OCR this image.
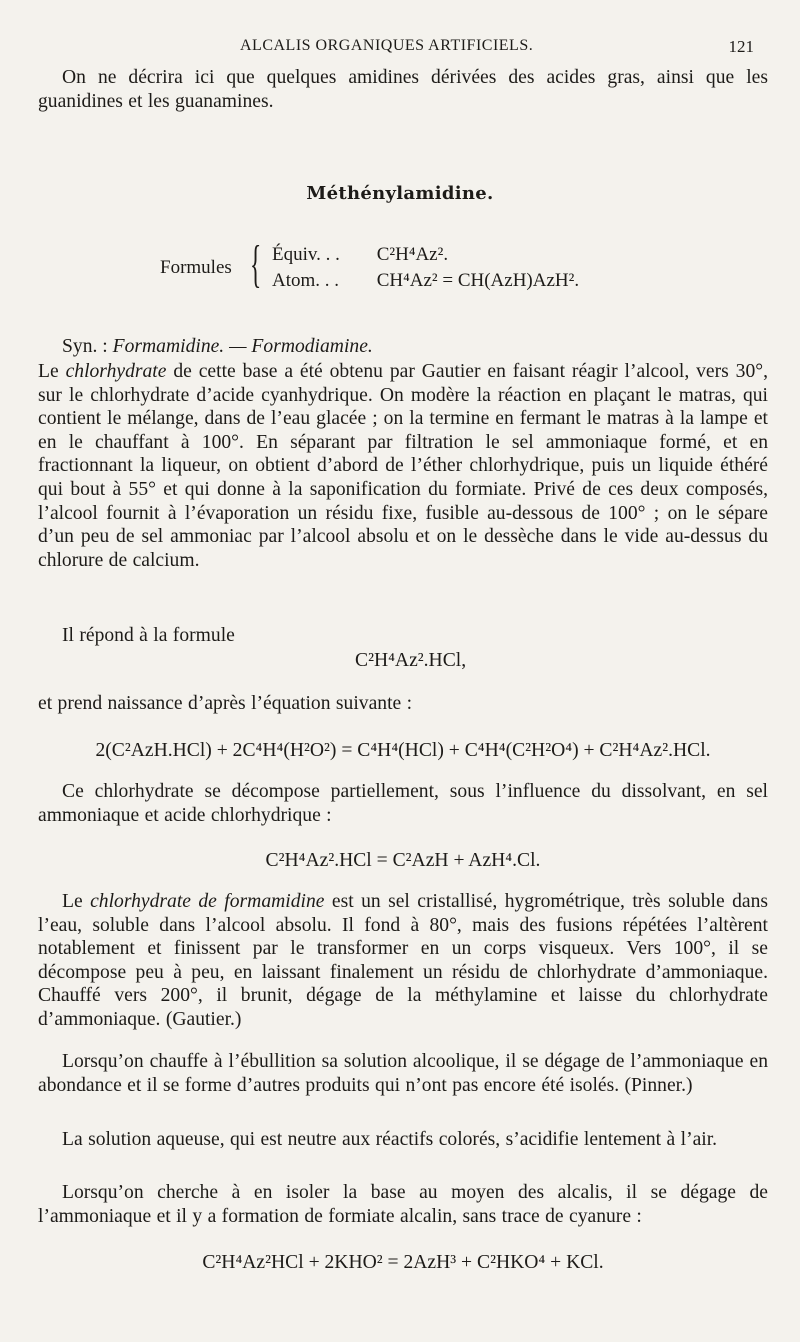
ALCALIS ORGANIQUES ARTIFICIELS.	121

On ne décrira ici que quelques amidines dérivées des acides gras, ainsi que les guanidines et les guanamines.

Méthénylamidine.
Formules { Équiv. . . C²H⁴Az².
Atom. . . CH⁴Az² = CH(AzH)AzH².
Syn. : Formamidine. — Formodiamine.

Le chlorhydrate de cette base a été obtenu par Gautier en faisant réagir l’alcool, vers 30°, sur le chlorhydrate d’acide cyanhydrique. On modère la réaction en plaçant le matras, qui contient le mélange, dans de l’eau glacée ; on la termine en fermant le matras à la lampe et en le chauffant à 100°. En séparant par filtration le sel ammoniaque formé, et en fractionnant la liqueur, on obtient d’abord de l’éther chlorhydrique, puis un liquide éthéré qui bout à 55° et qui donne à la saponification du formiate. Privé de ces deux composés, l’alcool fournit à l’évaporation un résidu fixe, fusible au-dessous de 100° ; on le sépare d’un peu de sel ammoniac par l’alcool absolu et on le dessèche dans le vide au-dessus du chlorure de calcium.

Il répond à la formule

C²H⁴Az².HCl,

et prend naissance d’après l’équation suivante :

2(C²AzH.HCl) + 2C⁴H⁴(H²O²) = C⁴H⁴(HCl) + C⁴H⁴(C²H²O⁴) + C²H⁴Az².HCl.

Ce chlorhydrate se décompose partiellement, sous l’influence du dissolvant, en sel ammoniaque et acide chlorhydrique :

C²H⁴Az².HCl = C²AzH + AzH⁴.Cl.

Le chlorhydrate de formamidine est un sel cristallisé, hygrométrique, très soluble dans l’eau, soluble dans l’alcool absolu. Il fond à 80°, mais des fusions répétées l’altèrent notablement et finissent par le transformer en un corps visqueux. Vers 100°, il se décompose peu à peu, en laissant finalement un résidu de chlorhydrate d’ammoniaque. Chauffé vers 200°, il brunit, dégage de la méthylamine et laisse du chlorhydrate d’ammoniaque. (Gautier.)

Lorsqu’on chauffe à l’ébullition sa solution alcoolique, il se dégage de l’ammoniaque en abondance et il se forme d’autres produits qui n’ont pas encore été isolés. (Pinner.)

La solution aqueuse, qui est neutre aux réactifs colorés, s’acidifie lentement à l’air.

Lorsqu’on cherche à en isoler la base au moyen des alcalis, il se dégage de l’ammoniaque et il y a formation de formiate alcalin, sans trace de cyanure :

C²H⁴Az²HCl + 2KHO² = 2AzH³ + C²HKO⁴ + KCl.
